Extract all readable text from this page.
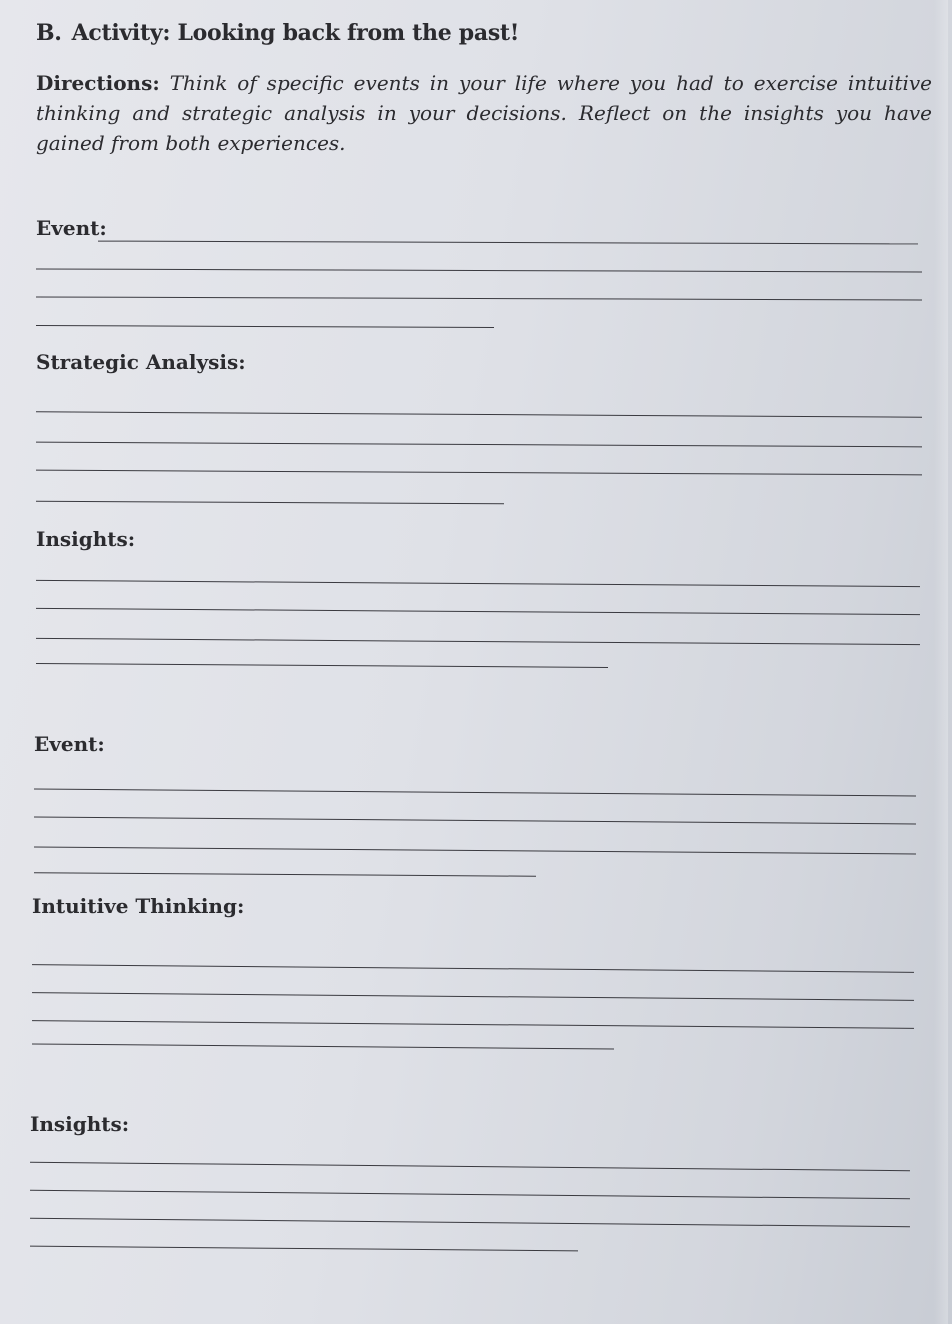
B. Activity: Looking back from the past!
Directions: Think of specific events in your life where you had to exercise intuitive thinking and strategic analysis in your decisions. Reflect on the insights you have gained from both experiences.
Event:
Strategic Analysis:
Insights:
Event:
Intuitive Thinking:
Insights:
